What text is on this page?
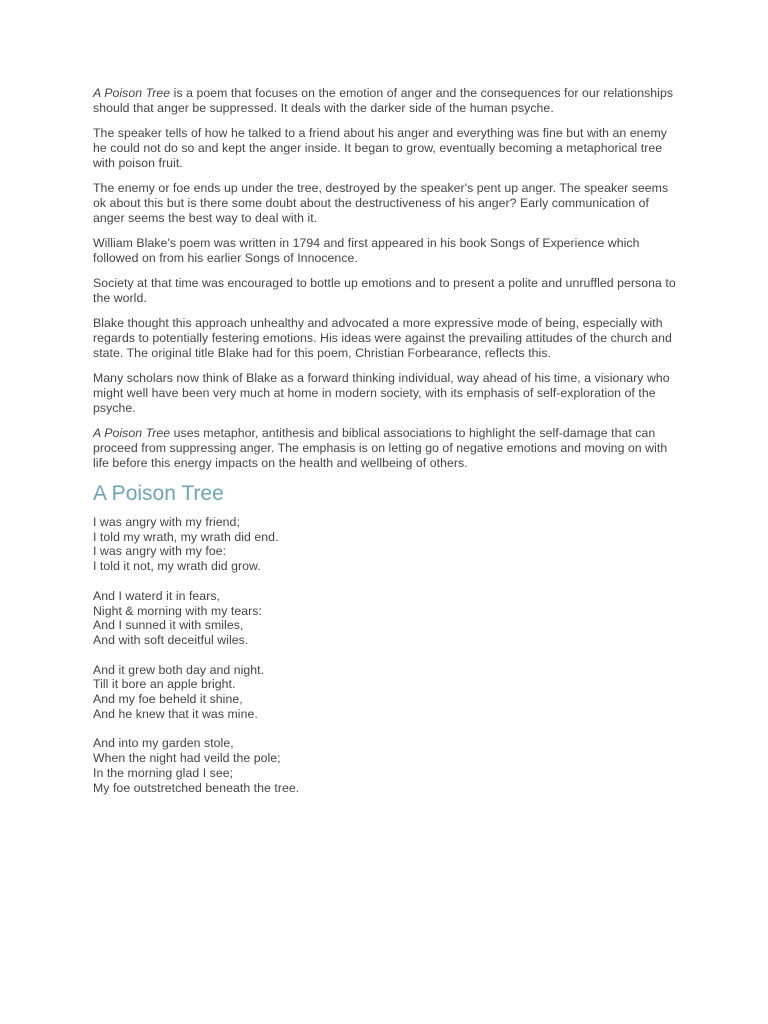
A Poison Tree is a poem that focuses on the emotion of anger and the consequences for our relationships should that anger be suppressed. It deals with the darker side of the human psyche.

The speaker tells of how he talked to a friend about his anger and everything was fine but with an enemy he could not do so and kept the anger inside. It began to grow, eventually becoming a metaphorical tree with poison fruit.

The enemy or foe ends up under the tree, destroyed by the speaker's pent up anger. The speaker seems ok about this but is there some doubt about the destructiveness of his anger? Early communication of anger seems the best way to deal with it.

William Blake's poem was written in 1794 and first appeared in his book Songs of Experience which followed on from his earlier Songs of Innocence.

Society at that time was encouraged to bottle up emotions and to present a polite and unruffled persona to the world.

Blake thought this approach unhealthy and advocated a more expressive mode of being, especially with regards to potentially festering emotions. His ideas were against the prevailing attitudes of the church and state. The original title Blake had for this poem, Christian Forbearance, reflects this.

Many scholars now think of Blake as a forward thinking individual, way ahead of his time, a visionary who might well have been very much at home in modern society, with its emphasis of self-exploration of the psyche.

A Poison Tree uses metaphor, antithesis and biblical associations to highlight the self-damage that can proceed from suppressing anger. The emphasis is on letting go of negative emotions and moving on with life before this energy impacts on the health and wellbeing of others.

A Poison Tree
I was angry with my friend;
I told my wrath, my wrath did end.
I was angry with my foe:
I told it not, my wrath did grow.
And I waterd it in fears,
Night & morning with my tears:
And I sunned it with smiles,
And with soft deceitful wiles.
And it grew both day and night.
Till it bore an apple bright.
And my foe beheld it shine,
And he knew that it was mine.
And into my garden stole,
When the night had veild the pole;
In the morning glad I see;
My foe outstretched beneath the tree.
